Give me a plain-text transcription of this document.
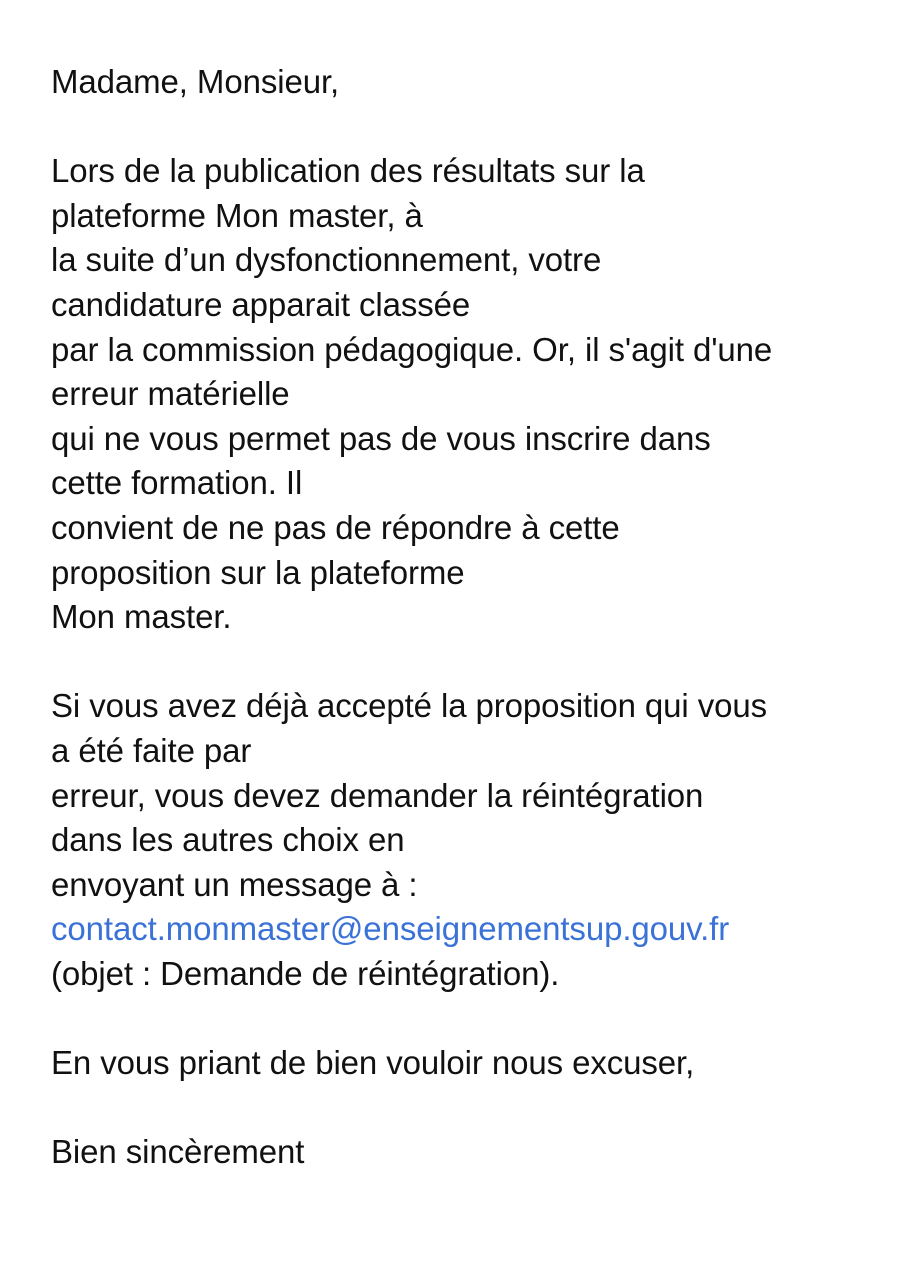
Madame, Monsieur,
Lors de la publication des résultats sur la
plateforme Mon master, à
la suite d’un dysfonctionnement, votre
candidature apparait classée
par la commission pédagogique. Or, il s'agit d'une
erreur matérielle
qui ne vous permet pas de vous inscrire dans
cette formation. Il
convient de ne pas de répondre à cette
proposition sur la plateforme
Mon master.
Si vous avez déjà accepté la proposition qui vous
a été faite par
erreur, vous devez demander la réintégration
dans les autres choix en
envoyant un message à :
contact.monmaster@enseignementsup.gouv.fr
(objet : Demande de réintégration).
En vous priant de bien vouloir nous excuser,
Bien sincèrement
